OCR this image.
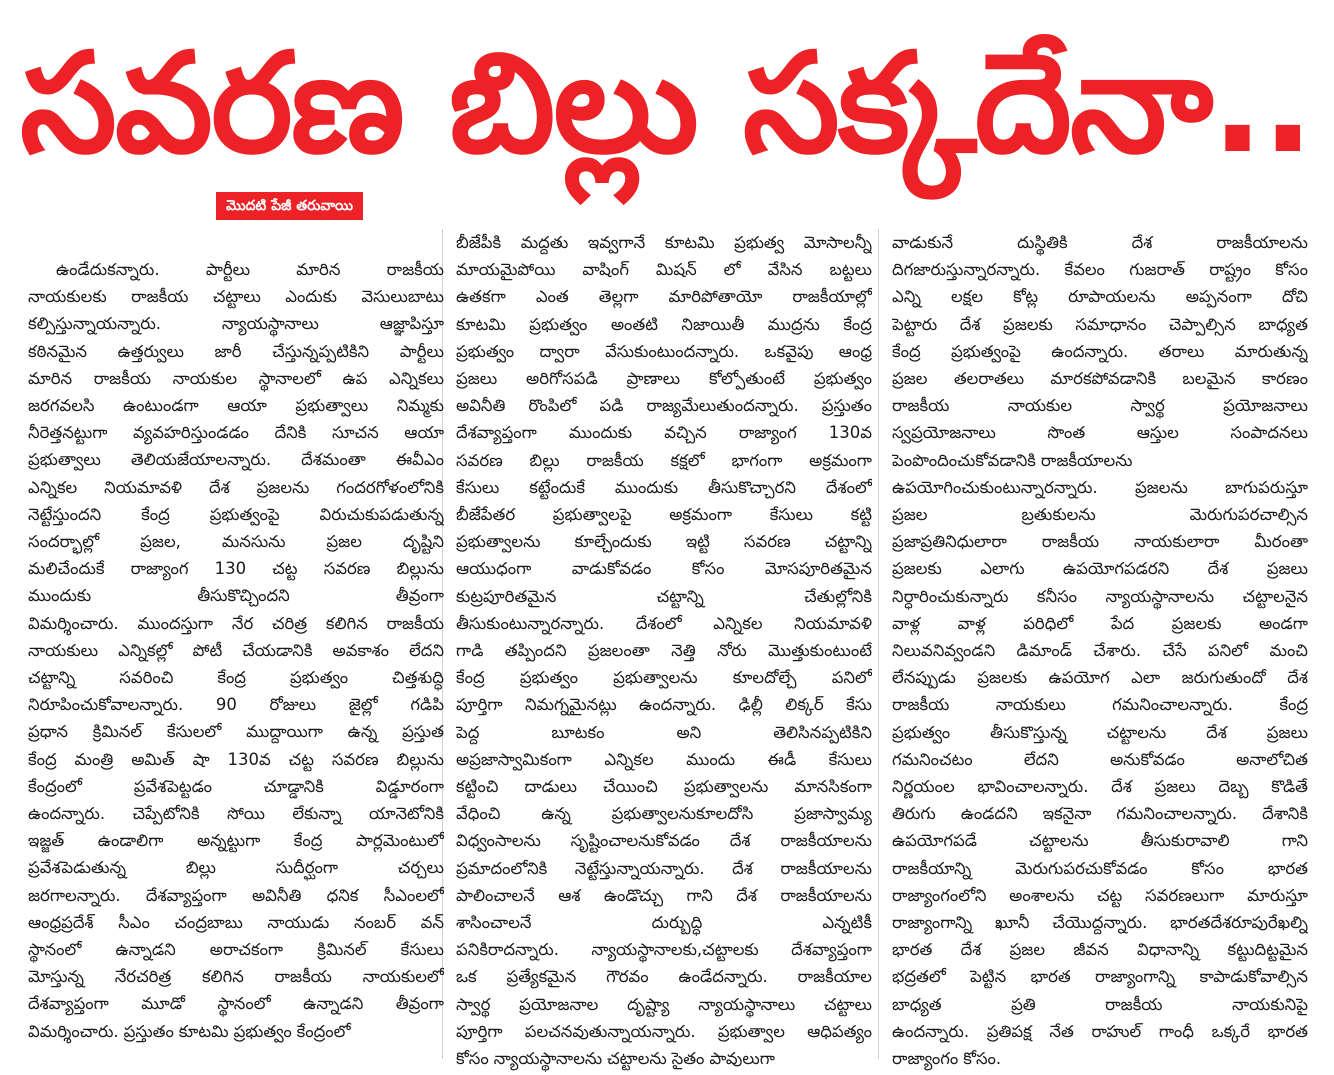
సవరణ బిల్లు సక్కదేనా..
మొదటి పేజీ తరువాయి

ఉండేదుకన్నారు.	పార్టీలు	మారిన	రాజకీయ

నాయకులకు రాజకీయ చట్టాలు ఎందుకు వెసులుబాటు

కల్పిస్తున్నాయన్నారు.	న్యాయస్థానాలు	ఆజ్ఞాపిస్తూ

కఠినమైన ఉత్తర్వులు జారీ చేస్తున్నప్పటికిని పార్టీలు

మారిన రాజకీయ నాయకుల స్థానాలలో ఉప ఎన్నికలు

జరగవలసి ఉంటుండగా ఆయా ప్రభుత్వాలు నిమ్మకు

నీరెత్తనట్టుగా వ్యవహరిస్తుండడం దేనికి సూచన ఆయా

ప్రభుత్వాలు తెలియజేయాలన్నారు. దేశమంతా ఈవీఎం

ఎన్నికల నియమావళి దేశ ప్రజలను గందరగోళంలోనికి

నెట్టేస్తుందని కేంద్ర ప్రభుత్వంపై విరుచుకుపడుతున్న

సందర్భాల్లో ప్రజల, మనసును ప్రజల దృష్టిని

మలిచేందుకే రాజ్యాంగ 130 చట్ట సవరణ బిల్లును

ముందుకు	తీసుకొచ్చిందని	తీవ్రంగా

విమర్శించారు. ముందస్తుగా నేర చరిత్ర కలిగిన రాజకీయ

నాయకులు ఎన్నికల్లో పోటీ చేయడానికి అవకాశం లేదని

చట్టాన్ని	సవరించి	కేంద్ర	ప్రభుత్వం	చిత్తశుద్ధి

నిరూపించుకోవాలన్నారు. 90 రోజులు జైల్లో గడిపి

ప్రధాన క్రిమినల్ కేసులలో ముద్దాయిగా ఉన్న ప్రస్తుత

కేంద్ర మంత్రి అమిత్ షా 130వ చట్ట సవరణ బిల్లును

కేంద్రంలో	ప్రవేశపెట్టడం	చూడ్డానికి	విడ్డూరంగా

ఉందన్నారు. చెప్పేటోనికి సోయి లేకున్నా యానెటోనికి

ఇజ్జత్ ఉండాలిగా అన్నట్టుగా కేంద్ర పార్లమెంటులో

ప్రవేశపెడుతున్న	బిల్లు	సుదీర్ఘంగా	చర్చలు

జరగాలన్నారు. దేశవ్యాప్తంగా అవినీతి ధనిక సీఎంలలో

ఆంధ్రప్రదేశ్ సీఎం చంద్రబాబు నాయుడు నంబర్ వన్

స్థానంలో ఉన్నాడని అరాచకంగా క్రిమినల్ కేసులు

మోస్తున్న నేరచరిత్ర కలిగిన రాజకీయ నాయకులలో

దేశవ్యాప్తంగా మూడో స్థానంలో ఉన్నాడని తీవ్రంగా

విమర్శించారు. ప్రస్తుతం కూటమి ప్రభుత్వం కేంద్రంలో

బీజేపీకి మద్దతు ఇవ్వగానే కూటమి ప్రభుత్వ మోసాలన్నీ

మాయమైపోయి వాషింగ్ మిషన్ లో వేసిన బట్టలు

ఉతకగా ఎంత తెల్లగా మారిపోతాయో రాజకీయాల్లో

కూటమి ప్రభుత్వం అంతటి నిజాయితీ ముద్రను కేంద్ర

ప్రభుత్వం ద్వారా వేసుకుంటుందన్నారు. ఒకవైపు ఆంధ్ర

ప్రజలు అరిగోసపడి ప్రాణాలు కోల్పోతుంటే ప్రభుత్వం

అవినీతి రొంపిలో పడి రాజ్యమేలుతుందన్నారు. ప్రస్తుతం

దేశవ్యాప్తంగా ముందుకు వచ్చిన రాజ్యాంగ 130వ

సవరణ బిల్లు రాజకీయ కక్షలో భాగంగా అక్రమంగా

కేసులు కట్టేందుకే ముందుకు తీసుకొచ్చారని దేశంలో

బీజేపేతర ప్రభుత్వాలపై అక్రమంగా కేసులు కట్టి

ప్రభుత్వాలను కూల్చేందుకు ఇట్టి సవరణ చట్టాన్ని

ఆయుధంగా వాడుకోవడం కోసం మోసపూరితమైన

కుట్రపూరితమైన	చట్టాన్ని	చేతుల్లోనికి

తీసుకుంటున్నారన్నారు. దేశంలో ఎన్నికల నియమావళి

గాడి తప్పిందని ప్రజలంతా నెత్తి నోరు మొత్తుకుంటుంటే

కేంద్ర ప్రభుత్వం ప్రభుత్వాలను కూలదోల్చే పనిలో

పూర్తిగా నిమగ్నమైనట్లు ఉందన్నారు. ఢిల్లీ లిక్కర్ కేసు

పెద్ద	బూటకం	అని	తెలిసినప్పటికిని

అప్రజాస్వామికంగా ఎన్నికల ముందు ఈడీ కేసులు

కట్టించి దాడులు చేయించి ప్రభుత్వాలను మానసికంగా

వేధించి ఉన్న ప్రభుత్వాలనుకూలదోసి ప్రజాస్వామ్య

విధ్వంసాలను సృష్టించాలనుకోవడం దేశ రాజకీయాలను

ప్రమాదంలోనికి నెట్టేస్తున్నాయన్నారు. దేశ రాజకీయాలను

పాలించాలనే ఆశ ఉండొచ్చు గాని దేశ రాజకీయాలను

శాసించాలనే	దుర్బుద్ధి	ఎన్నటికీ

పనికిరాదన్నారు. న్యాయస్థానాలకు,చట్టాలకు దేశవ్యాప్తంగా

ఒక ప్రత్యేకమైన గౌరవం ఉండేదన్నారు. రాజకీయాల

స్వార్థ ప్రయోజనాల దృష్ట్యా న్యాయస్థానాలు చట్టాలు

పూర్తిగా పలచనవుతున్నాయన్నారు. ప్రభుత్వాల ఆధిపత్యం

కోసం న్యాయస్థానాలను చట్టాలను సైతం పావులుగా

వాడుకునే	దుస్థితికి	దేశ	రాజకీయాలను

దిగజారుస్తున్నారన్నారు. కేవలం గుజరాత్ రాష్ట్రం కోసం

ఎన్ని లక్షల కోట్ల రూపాయలను అప్పనంగా దోచి

పెట్టారు దేశ ప్రజలకు సమాధానం చెప్పాల్సిన బాధ్యత

కేంద్ర ప్రభుత్వంపై ఉందన్నారు. తరాలు మారుతున్న

ప్రజల తలరాతలు మారకపోవడానికి బలమైన కారణం

రాజకీయ	నాయకుల	స్వార్థ	ప్రయోజనాలు

స్వప్రయోజనాలు	సొంత	ఆస్తుల	సంపాదనలు

పెంపొందించుకోవడానికి రాజకీయాలను

ఉపయోగించుకుంటున్నారన్నారు. ప్రజలను బాగుపరుస్తూ

ప్రజల	బ్రతుకులను	మెరుగుపరచాల్సిన

ప్రజాప్రతినిధులారా రాజకీయ నాయకులారా మీరంతా

ప్రజలకు ఎలాగు ఉపయోగపడరని దేశ ప్రజలు

నిర్ధారించుకున్నారు కనీసం న్యాయస్థానాలను చట్టాలనైన

వాళ్ల వాళ్ల పరిధిలో పేద ప్రజలకు అండగా

నిలువనివ్వండని డిమాండ్ చేశారు. చేసే పనిలో మంచి

లేనప్పుడు ప్రజలకు ఉపయోగ ఎలా జరుగుతుందో దేశ

రాజకీయ	నాయకులు	గమనించాలన్నారు.	కేంద్ర

ప్రభుత్వం తీసుకొస్తున్న చట్టాలను దేశ ప్రజలు

గమనించటం	లేదని	అనుకోవడం	అనాలోచిత

నిర్ణయంల భావించాలన్నారు. దేశ ప్రజలు దెబ్బ కొడితే

తిరుగు ఉండదని ఇకనైనా గమనించాలన్నారు. దేశానికి

ఉపయోగపడే	చట్టాలను	తీసుకురావాలి	గాని

రాజకీయాన్ని	మెరుగుపరచుకోవడం	కోసం	భారత

రాజ్యాంగంలోని అంశాలను చట్ట సవరణలుగా మారుస్తూ

రాజ్యాంగాన్ని ఖూనీ చేయొద్దన్నారు. భారతదేశరూపురేఖల్ని

భారత దేశ ప్రజల జీవన విధానాన్ని కట్టుదిట్టమైన

భద్రతలో పెట్టిన భారత రాజ్యాంగాన్ని కాపాడుకోవాల్సిన

బాధ్యత	ప్రతి	రాజకీయ	నాయకునిపై

ఉందన్నారు. ప్రతిపక్ష నేత రాహుల్ గాంధీ ఒక్కరే భారత

రాజ్యాంగం కోసం.
